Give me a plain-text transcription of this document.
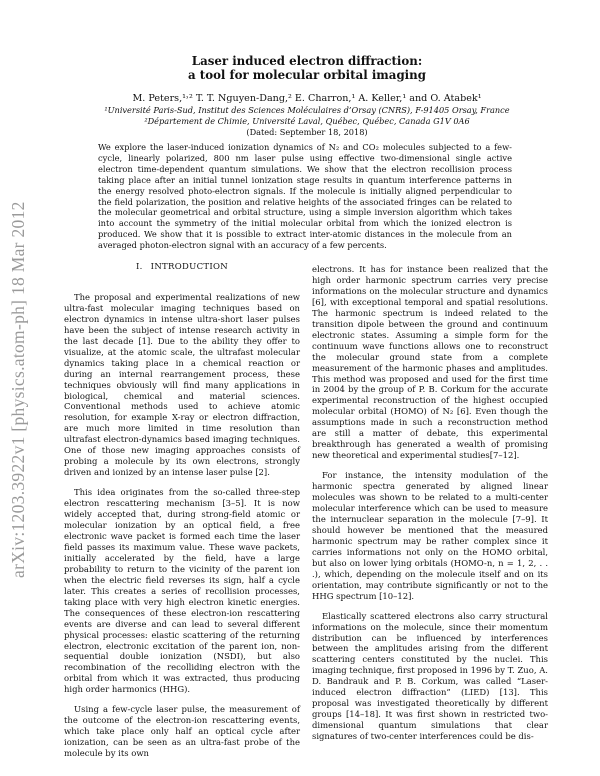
arXiv:1203.3922v1 [physics.atom-ph] 18 Mar 2012
Laser induced electron diffraction:
a tool for molecular orbital imaging
M. Peters,¹˒² T. T. Nguyen-Dang,² E. Charron,¹ A. Keller,¹ and O. Atabek¹
¹Université Paris-Sud, Institut des Sciences Moléculaires d’Orsay (CNRS), F-91405 Orsay, France
²Département de Chimie, Université Laval, Québec, Québec, Canada G1V 0A6
(Dated: September 18, 2018)
We explore the laser-induced ionization dynamics of N₂ and CO₂ molecules subjected to a few-cycle, linearly polarized, 800 nm laser pulse using effective two-dimensional single active electron time-dependent quantum simulations. We show that the electron recollision process taking place after an initial tunnel ionization stage results in quantum interference patterns in the energy resolved photo-electron signals. If the molecule is initially aligned perpendicular to the field polarization, the position and relative heights of the associated fringes can be related to the molecular geometrical and orbital structure, using a simple inversion algorithm which takes into account the symmetry of the initial molecular orbital from which the ionized electron is produced. We show that it is possible to extract inter-atomic distances in the molecule from an averaged photon-electron signal with an accuracy of a few percents.
I. INTRODUCTION

The proposal and experimental realizations of new ultra-fast molecular imaging techniques based on electron dynamics in intense ultra-short laser pulses have been the subject of intense research activity in the last decade [1]. Due to the ability they offer to visualize, at the atomic scale, the ultrafast molecular dynamics taking place in a chemical reaction or during an internal rearrangement process, these techniques obviously will find many applications in biological, chemical and material sciences. Conventional methods used to achieve atomic resolution, for example X-ray or electron diffraction, are much more limited in time resolution than ultrafast electron-dynamics based imaging techniques. One of those new imaging approaches consists of probing a molecule by its own electrons, strongly driven and ionized by an intense laser pulse [2].

This idea originates from the so-called three-step electron rescattering mechanism [3–5]. It is now widely accepted that, during strong-field atomic or molecular ionization by an optical field, a free electronic wave packet is formed each time the laser field passes its maximum value. These wave packets, initially accelerated by the field, have a large probability to return to the vicinity of the parent ion when the electric field reverses its sign, half a cycle later. This creates a series of recollision processes, taking place with very high electron kinetic energies. The consequences of these electron-ion rescattering events are diverse and can lead to several different physical processes: elastic scattering of the returning electron, electronic excitation of the parent ion, non-sequential double ionization (NSDI), but also recombination of the recolliding electron with the orbital from which it was extracted, thus producing high order harmonics (HHG).

Using a few-cycle laser pulse, the measurement of the outcome of the electron-ion rescattering events, which take place only half an optical cycle after ionization, can be seen as an ultra-fast probe of the molecule by its own

electrons. It has for instance been realized that the high order harmonic spectrum carries very precise informations on the molecular structure and dynamics [6], with exceptional temporal and spatial resolutions. The harmonic spectrum is indeed related to the transition dipole between the ground and continuum electronic states. Assuming a simple form for the continuum wave functions allows one to reconstruct the molecular ground state from a complete measurement of the harmonic phases and amplitudes. This method was proposed and used for the first time in 2004 by the group of P. B. Corkum for the accurate experimental reconstruction of the highest occupied molecular orbital (HOMO) of N₂ [6]. Even though the assumptions made in such a reconstruction method are still a matter of debate, this experimental breakthrough has generated a wealth of promising new theoretical and experimental studies[7–12].

For instance, the intensity modulation of the harmonic spectra generated by aligned linear molecules was shown to be related to a multi-center molecular interference which can be used to measure the internuclear separation in the molecule [7–9]. It should however be mentioned that the measured harmonic spectrum may be rather complex since it carries informations not only on the HOMO orbital, but also on lower lying orbitals (HOMO-n, n = 1, 2, . . .), which, depending on the molecule itself and on its orientation, may contribute significantly or not to the HHG spectrum [10–12].

Elastically scattered electrons also carry structural informations on the molecule, since their momentum distribution can be influenced by interferences between the amplitudes arising from the different scattering centers constituted by the nuclei. This imaging technique, first proposed in 1996 by T. Zuo, A. D. Bandrauk and P. B. Corkum, was called “Laser-induced electron diffraction” (LIED) [13]. This proposal was investigated theoretically by different groups [14–18]. It was first shown in restricted two-dimensional quantum simulations that clear signatures of two-center interferences could be dis-
